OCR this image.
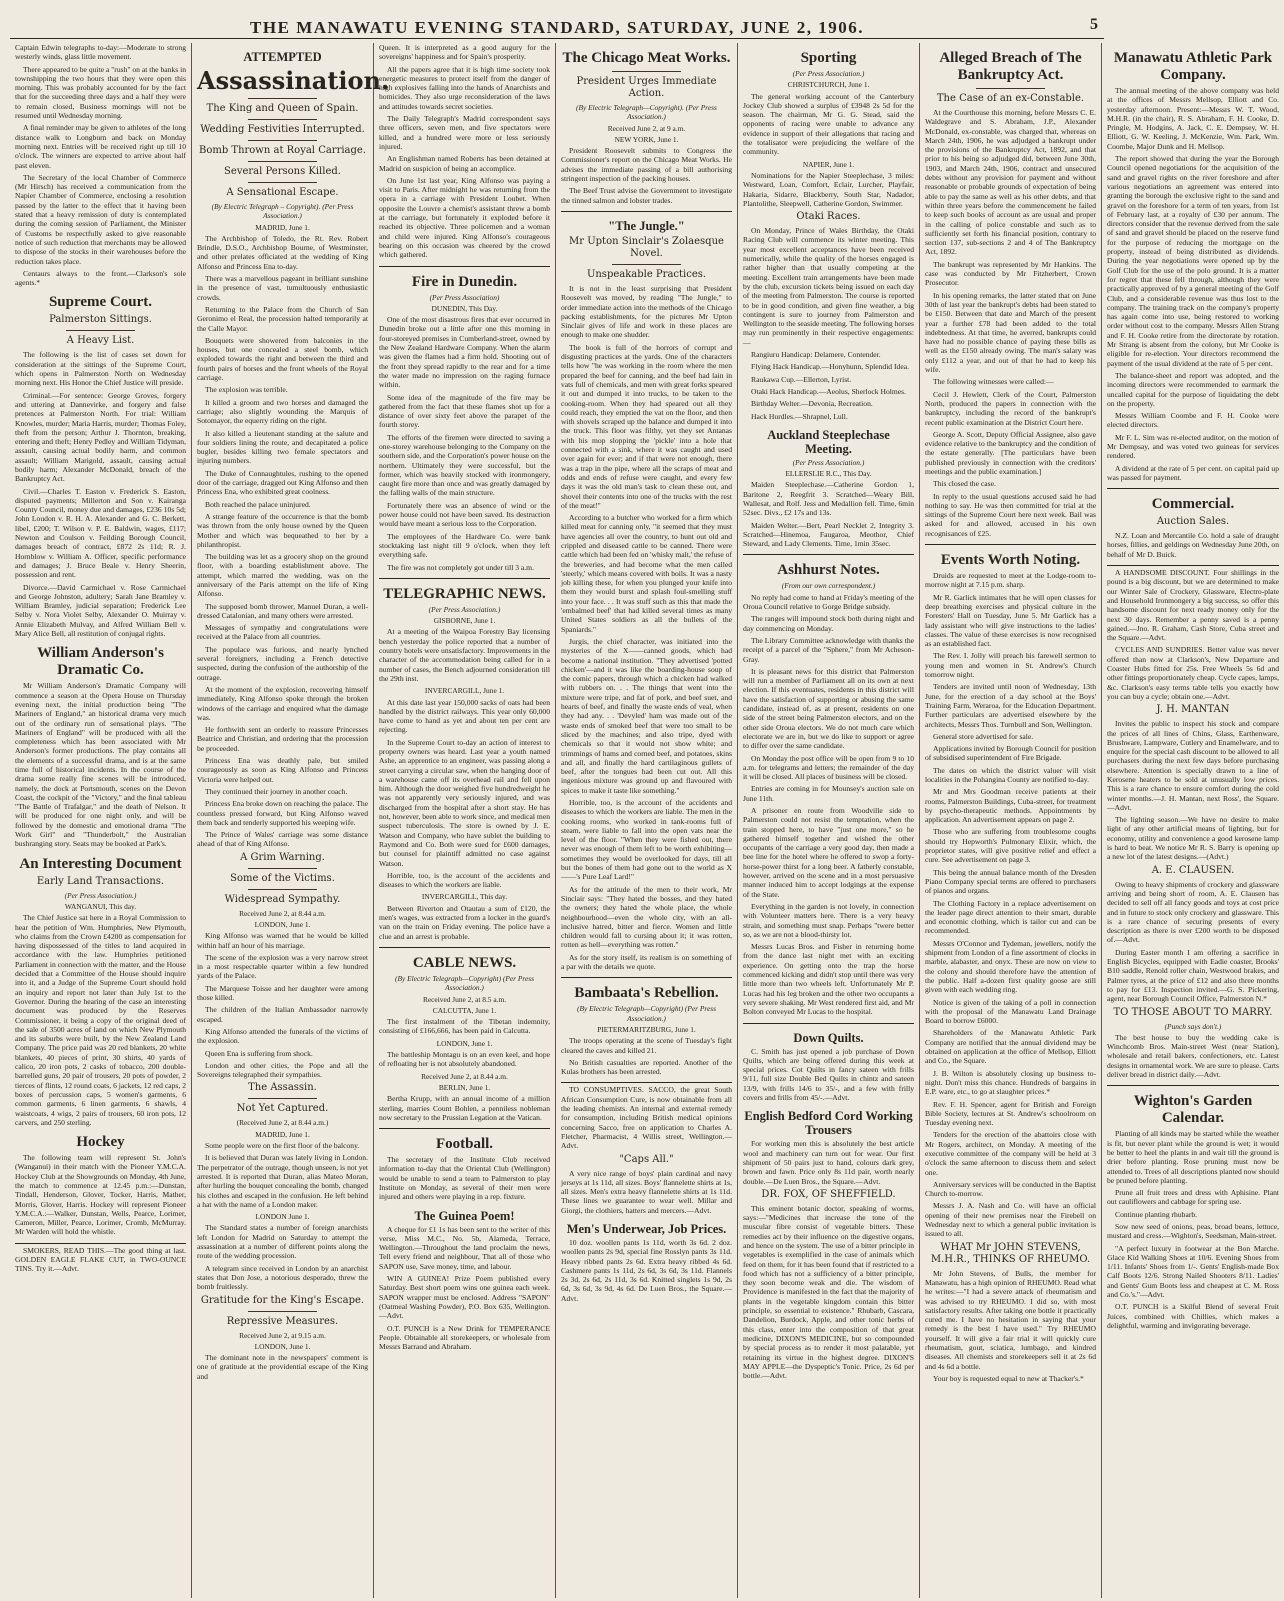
THE MANAWATU EVENING STANDARD, SATURDAY, JUNE 2, 1906.	5

Captain Edwin telegraphs to-day:—Moderate to strong westerly winds, glass little movement.

There appeared to be quite a "rush" on at the banks in townshipping the two hours that they were open this morning. This was probably accounted for by the fact that for the succeeding three days and a half they were to remain closed, Business mornings will not be resumed until Wednesday morning.

A final reminder may be given to athletes of the long distance walk to Longburn and back on Monday morning next. Entries will be received right up till 10 o'clock. The winners are expected to arrive about half past eleven.

The Secretary of the local Chamber of Commerce (Mr Hirsch) has received a communication from the Napier Chamber of Commerce, enclosing a resolution passed by the latter to the effect that it having been stated that a heavy remission of duty is contemplated during the coming session of Parliament, the Minister of Customs be respectfully asked to give reasonable notice of such reduction that merchants may be allowed to dispose of the stocks in their warehouses before the reduction takes place.

Centaurs always to the front.—Clarkson's sole agents.*

Supreme Court.
Palmerston Sittings.
A Heavy List.

The following is the list of cases set down for consideration at the sittings of the Supreme Court, which opens in Palmerston North on Wednesday morning next. His Honor the Chief Justice will preside.

Criminal.—For sentence: George Groves, forgery and uttering at Dannevirke, and forgery and false pretences at Palmerston North. For trial: William Knowles, murder; Maria Harris, murder; Thomas Foley, theft from the person; Arthur J. Thornton, breaking, entering and theft; Henry Pedley and William Tidyman, assault, causing actual bodily harm, and common assault; William Marigold, assault, causing actual bodily harm; Alexander McDonald, breach of the Bankruptcy Act.

Civil.—Charles T. Easton v. Frederick S. Easton, disputed payments; Millerton and Son v. Kairanga County Council, money due and damages, £236 10s 5d; John Loudon v. R. H. A. Alexander and G. C. Berkett, libel, £200; T. Wilson v. P. E. Baldwin, wages, £117; Newton and Coulson v. Feilding Borough Council, damages breach of contract, £872 2s 11d; R. J. Hornblow v. William A. Officer, specific performance and damages; J. Bruce Beale v. Henry Sheerin, possession and rent.

Divorce.—David Carmichael v. Rose Carmichael and George Johnston, adultery; Sarah Jane Bramley v. William Bramley, judicial separation; Frederick Lee Selby v. Nora Violet Selby, Alexander O. Muirray v. Annie Elizabeth Mulvay, and Alfred William Bell v. Mary Alice Bell, all restitution of conjugal rights.

William Anderson's Dramatic Co.

Mr William Anderson's Dramatic Company will commence a season at the Opera House on Thursday evening next, the initial production being "The Mariners of England," an historical drama very much out of the ordinary run of sensational plays. "The Mariners of England" will be produced with all the completeness which has been associated with Mr Anderson's former productions. The play contains all the elements of a successful drama, and is at the same time full of historical incidents. In the course of the drama some really fine scenes will be introduced, namely, the dock at Portsmouth, scenes on the Devon Coast, the cockpit of the "Victory," and the final tableau "The Battle of Trafalgar," and the death of Nelson. It will be produced for one night only, and will be followed by the domestic and emotional drama "The Work Girl" and "Thunderbolt," the Australian bushranging story. Seats may be booked at Park's.

An Interesting Document
Early Land Transactions.
(Per Press Association.)
WANGANUI, This day.

The Chief Justice sat here in a Royal Commission to hear the petition of Wm. Humphries, New Plymouth, who claims from the Crown £4200 as compensation for having dispossessed of the titles to land acquired in accordance with the law. Humphries petitioned Parliament in connection with the matter, and the House decided that a Committee of the House should inquire into it, and a Judge of the Supreme Court should hold an inquiry and report not later than July 1st to the Governor. During the hearing of the case an interesting document was produced by the Reserves Commissioner, it being a copy of the original deed of the sale of 3500 acres of land on which New Plymouth and its suburbs were built, by the New Zealand Land Company. The price paid was 20 red blankets, 20 white blankets, 40 pieces of print, 30 shirts, 40 yards of calico, 20 iron pots, 2 casks of tobacco, 200 double-barrelled guns, 20 pair of trousers, 20 pots of powder, 2 tierces of flints, 12 round coats, 6 jackets, 12 red caps, 2 boxes of percussion caps, 5 women's garments, 6 common garments, 6 linen garments, 6 shawls, 4 waistcoats, 4 wigs, 2 pairs of trousers, 60 iron pots, 12 carvers, and 250 sterling.

Hockey

The following team will represent St. John's (Wanganui) in their match with the Pioneer Y.M.C.A. Hockey Club at the Showgrounds on Monday, 4th June, the match to commence at 12.45 p.m.:—Dunstan, Tindall, Henderson, Glover, Tocker, Harris, Mather, Morris, Glover, Harris. Hockey will represent Pioneer Y.M.C.A.:—Walker, Dunstan, Wells, Pearce, Lorimer, Cameron, Miller, Pearce, Lorimer, Cromb, McMurray. Mr Warden will hold the whistle.

SMOKERS, READ THIS.—The good thing at last. GOLDEN EAGLE FLAKE CUT, in TWO-OUNCE TINS. Try it.—Advt.

ATTEMPTED
Assassination.
The King and Queen of Spain.
Wedding Festivities Interrupted.
Bomb Thrown at Royal Carriage.
Several Persons Killed.
A Sensational Escape.
(By Electric Telegraph – Copyright). (Per Press Association.)
MADRID, June 1.

The Archbishop of Toledo, the Rt. Rev. Robert Brindle, D.S.O., Archbishop Bourne, of Westminster, and other prelates officiated at the wedding of King Alfonso and Princess Ena to-day.

There was a marvellous pageant in brilliant sunshine in the presence of vast, tumultuously enthusiastic crowds.

Returning to the Palace from the Church of San Geronimo el Real, the procession halted temporarily at the Calle Mayor.

Bouquets were showered from balconies in the houses, but one concealed a steel bomb, which exploded towards the right and between the third and fourth pairs of horses and the front wheels of the Royal carriage.

The explosion was terrible.

It killed a groom and two horses and damaged the carriage; also slightly wounding the Marquis of Sotomayor, the equerry riding on the right.

It also killed a lieutenant standing at the salute and four soldiers lining the route, and decapitated a police bugler, besides killing two female spectators and injuring numbers.

The Duke of Connaughtules, rushing to the opened door of the carriage, dragged out King Alfonso and then Princess Ena, who exhibited great coolness.

Both reached the palace uninjured.

A strange feature of the occurrence is that the bomb was thrown from the only house owned by the Queen Mother and which was bequeathed to her by a philanthropist.

The building was let as a grocery shop on the ground floor, with a boarding establishment above. The attempt, which marred the wedding, was on the anniversary of the Paris attempt on the life of King Alfonso.

The supposed bomb thrower, Manuel Duran, a well-dressed Catalonian, and many others were arrested.

Messages of sympathy and congratulations were received at the Palace from all countries.

The populace was furious, and nearly lynched several foreigners, including a French detective suspected, during the confusion of the authorship of the outrage.

At the moment of the explosion, recovering himself immediately, King Alfonso spoke through the broken windows of the carriage and enquired what the damage was.

He forthwith sent an orderly to reassure Princesses Beatrice and Christian, and ordering that the procession be proceeded.

Princess Ena was deathly pale, but smiled courageously as soon as King Alfonso and Princess Victoria were helped out.

They continued their journey in another coach.

Princess Ena broke down on reaching the palace. The countless pressed forward, but King Alfonso waved them back and tenderly supported his weeping wife.

The Prince of Wales' carriage was some distance ahead of that of King Alfonso.

A Grim Warning.
Some of the Victims.
Widespread Sympathy.
Received June 2, at 8.44 a.m.
LONDON, June 1.

King Alfonso was warned that he would be killed within half an hour of his marriage.

The scene of the explosion was a very narrow street in a most respectable quarter within a few hundred yards of the Palace.

The Marquese Toisse and her daughter were among those killed.

The children of the Italian Ambassador narrowly escaped.

King Alfonso attended the funerals of the victims of the explosion.

Queen Ena is suffering from shock.

London and other cities, the Pope and all the Sovereigns telegraphed their sympathies.

The Assassin.
Not Yet Captured.
(Received June 2, at 8.44 a.m.)
MADRID, June 1.

Some people were on the first floor of the balcony.

It is believed that Duran was lately living in London. The perpetrator of the outrage, though unseen, is not yet arrested. It is reported that Duran, alias Mateo Moran, after hurling the bouquet concealing the bomb, changed his clothes and escaped in the confusion. He left behind a hat with the name of a London maker.

LONDON June 1.

The Standard states a number of foreign anarchists left London for Madrid on Saturday to attempt the assassination at a number of different points along the route of the wedding procession.

A telegram since received in London by an anarchist states that Don Jose, a notorious desperado, threw the bomb fruitlessly.

Gratitude for the King's Escape.
Repressive Measures.
Received June 2, at 9.15 a.m.
LONDON, June 1.

The dominant note in the newspapers' comment is one of gratitude at the providential escape of the King and

Queen. It is interpreted as a good augury for the sovereigns' happiness and for Spain's prosperity.

All the papers agree that it is high time society took energetic measures to protect itself from the danger of high explosives falling into the hands of Anarchists and homicides. They also urge reconsideration of the laws and attitudes towards secret societies.

The Daily Telegraph's Madrid correspondent says three officers, seven men, and five spectators were killed, and a hundred were more or less seriously injured.

An Englishman named Roberts has been detained at Madrid on suspicion of being an accomplice.

On June 1st last year, King Alfonso was paying a visit to Paris. After midnight he was returning from the opera in a carriage with President Loubet. When opposite the Louvre a chemist's assistant threw a bomb at the carriage, but fortunately it exploded before it reached its objective. Three policemen and a woman and child were injured. King Alfonso's courageous bearing on this occasion was cheered by the crowd which gathered.

Fire in Dunedin.
(Per Press Association)
DUNEDIN, This Day.

One of the most disastrous fires that ever occurred in Dunedin broke out a little after one this morning in four-storeyed premises in Cumberland-street, owned by the New Zealand Hardware Company. When the alarm was given the flames had a firm hold. Shooting out of the front they spread rapidly to the rear and for a time the water made no impression on the raging furnace within.

Some idea of the magnitude of the fire may be gathered from the fact that these flames shot up for a distance of over sixty feet above the parapet of the fourth storey.

The efforts of the firemen were directed to saving a one-storey warehouse belonging to the Company on the southern side, and the Corporation's power house on the northern. Ultimately they were successful, but the former, which was heavily stocked with ironmongery, caught fire more than once and was greatly damaged by the falling walls of the main structure.

Fortunately there was an absence of wind or the power house could not have been saved. Its destruction would have meant a serious loss to the Corporation.

The employees of the Hardware Co. were bank stocktaking last night till 9 o'clock, when they left everything safe.

The fire was not completely got under till 3 a.m.

TELEGRAPHIC NEWS.
(Per Press Association.)
GISBORNE, June 1.

At a meeting of the Waipoa Forestry Bay licensing bench yesterday the police reported that a number of country hotels were unsatisfactory. Improvements in the character of the accommodation being called for in a number of cases, the Bench adjourned consideration till the 29th inst.

INVERCARGILL, June 1.

At this date last year 150,000 sacks of oats had been handled by the district railways. This year only 60,000 have come to hand as yet and about ten per cent are rejecting.

In the Supreme Court to-day an action of interest to property owners was heard. Last year a youth named Ashe, an apprentice to an engineer, was passing along a street carrying a circular saw, when the hanging door of a warehouse came off its overhead rail and fell upon him. Although the door weighed five hundredweight he was not apparently very seriously injured, and was discharged from the hospital after a short stay. He has not, however, been able to work since, and medical men suspect tuberculosis. The store is owned by J. E. Watson and Company, who have sublet the building to Raymond and Co. Both were sued for £600 damages, but counsel for plaintiff admitted no case against Watson.

Horrible, too, is the account of the accidents and diseases to which the workers are liable.

INVERCARGILL, This day.

Between Riverton and Otautau a sum of £120, the men's wages, was extracted from a locker in the guard's van on the train on Friday evening. The police have a clue and an arrest is probable.

CABLE NEWS.
(By Electric Telegraph—Copyright) (Per Press Association.)
Received June 2, at 8.5 a.m.
CALCUTTA, June 1.

The first instalment of the Tibetan indemnity, consisting of £166,666, has been paid in Calcutta.

LONDON, June 1.

The battleship Montagu is on an even keel, and hope of refloating her is not absolutely abandoned.

Received June 2, at 8.44 a.m.
BERLIN, June 1.

Bertha Krupp, with an annual income of a million sterling, marries Count Bohlen, a penniless nobleman now secretary to the Prussian Legation at the Vatican.

Football.

The secretary of the Institute Club received information to-day that the Oriental Club (Wellington) would be unable to send a team to Palmerston to play Institute on Monday, as several of their men were injured and others were playing in a rep. fixture.

The Guinea Poem!

A cheque for £1 1s has been sent to the writer of this verse, Miss M.C., No. 5b, Alameda, Terrace, Wellington.—Throughout the land proclaim the news, Tell every friend and neighbour, That all of those who SAPON use, Save money, time, and labour.

WIN A GUINEA! Prize Poem published every Saturday. Best short poem wins one guinea each week. SAPON wrapper must be enclosed. Address "SAPON" (Oatmeal Washing Powder), P.O. Box 635, Wellington.—Advt.

O.T. PUNCH is a New Drink for TEMPERANCE People. Obtainable all storekeepers, or wholesale from Messrs Barraud and Abraham.

The Chicago Meat Works.
President Urges Immediate Action.
(By Electric Telegraph—Copyright). (Per Press Association.)
Received June 2, at 9 a.m.
NEW YORK, June 1.

President Roosevelt submits to Congress the Commissioner's report on the Chicago Meat Works. He advises the immediate passing of a bill authorising stringent inspection of the packing houses.

The Beef Trust advise the Government to investigate the tinned salmon and lobster trades.

"The Jungle."
Mr Upton Sinclair's Zolaesque Novel.
Unspeakable Practices.

It is not in the least surprising that President Roosevelt was moved, by reading "The Jungle," to order immediate action into the methods of the Chicago packing establishments, for the pictures Mr Upton Sinclair gives of life and work in these places are enough to make one shudder.

The book is full of the horrors of corrupt and disgusting practices at the yards. One of the characters tells how "he was working in the room where the men prepared the beef for canning, and the beef had lain in vats full of chemicals, and men with great forks speared it out and dumped it into trucks, to be taken to the cooking-room. When they had speared out all they could reach, they emptied the vat on the floor, and then with shovels scraped up the balance and dumped it into the truck. This floor was filthy, yet they set Antanas with his mop slopping the 'pickle' into a hole that connected with a sink, where it was caught and used over again for ever; and if that were not enough, there was a trap in the pipe, where all the scraps of meat and odds and ends of refuse were caught, and every few days it was the old man's task to clean these out, and shovel their contents into one of the trucks with the rest of the meat!"

According to a butcher who worked for a firm which killed meat for canning only, "it seemed that they must have agencies all over the country, to hunt out old and crippled and diseased cattle to be canned. There were cattle which had been fed on 'whisky malt,' the refuse of the breweries, and had become what the men called 'steerly,' which means covered with boils. It was a nasty job killing these, for when you plunged your knife into them they would burst and splash foul-smelling stuff into your face. . . It was stuff such as this that made the 'embalmed beef' that had killed several times as many United States soldiers as all the bullets of the Spaniards."

Jurgis, the chief character, was initiated into the mysteries of the X——canned goods, which had become a national institution. "They advertised 'potted chicken'—and it was like the boarding-house soup of the comic papers, through which a chicken had walked with rubbers on. . . The things that went into the mixture were tripe, and fat of pork, and beef suet, and hearts of beef, and finally the waste ends of veal, when they had any. . . 'Devyled' ham was made out of the waste ends of smoked beef that were too small to be sliced by the machines; and also tripe, dyed with chemicals so that it would not show white; and trimmings of hams and corned beef, and potatoes, skins and all, and finally the hard cartilaginous gullets of beef, after the tongues had been cut out. All this ingenious mixture was ground up and flavoured with spices to make it taste like something."

Horrible, too, is the account of the accidents and diseases to which the workers are liable. The men in the cooking rooms, who worked in tank-rooms full of steam, were liable to fall into the open vats near the level of the floor. "When they were fished out, there never was enough of them left to be worth exhibiting—sometimes they would be overlooked for days, till all but the bones of them had gone out to the world as X——'s Pure Leaf Lard!"

As for the attitude of the men to their work, Mr Sinclair says: "They hated the bosses, and they hated the owners; they hated the whole place, the whole neighbourhood—even the whole city, with an all-inclusive hatred, bitter and fierce. Women and little children would fall to cursing about it; it was rotten, rotten as hell—everything was rotten."

As for the story itself, its realism is on something of a par with the details we quote.

Bambaata's Rebellion.
(By Electric Telegraph—Copyright) (Per Press Association.)
PIETERMARITZBURG, June 1.

The troops operating at the scene of Tuesday's fight cleared the caves and killed 21.

No British casualties are reported. Another of the Kulas brothers has been arrested.

TO CONSUMPTIVES. SACCO, the great South African Consumption Cure, is now obtainable from all the leading chemists. An internal and external remedy for consumption, including British medical opinions concerning Sacco, free on application to Charles A. Fletcher, Pharmacist, 4 Willis street, Wellington.—Advt.

"Caps All."

A very nice range of boys' plain cardinal and navy jerseys at 1s 11d, all sizes. Boys' flannelette shirts at 1s, all sizes. Men's extra heavy flannelette shirts at 1s 11d. These lines we guarantee to wear well. Millar and Giorgi, the clothiers, hatters and mercers.—Advt.

Men's Underwear, Job Prices.

10 doz. woollen pants 1s 11d, worth 3s 6d. 2 doz. woollen pants 2s 9d, special fine Rosslyn pants 3s 11d. Heavy ribbed pants 2s 6d. Extra heavy ribbed 4s 6d. Cashmere pants 1s 11d, 2s 6d, 3s 6d, 3s 11d. Flannels 2s 3d, 2s 6d, 2s 11d, 3s 6d. Knitted singlets 1s 9d, 2s 6d, 3s 6d, 3s 9d, 4s 6d. De Luen Bros., the Square.—Advt.

Sporting
(Per Press Association.)
CHRISTCHURCH, June 1.

The general working account of the Canterbury Jockey Club showed a surplus of £3948 2s 5d for the season. The chairman, Mr G. G. Stead, said the opponents of racing were unable to advance any evidence in support of their allegations that racing and the totalisator were prejudicing the welfare of the community.

NAPIER, June 1.

Nominations for the Napier Steeplechase, 3 miles: Westward, Loan, Comfort, Eclair, Lurcher, Playfair, Hakaria, Sidarre, Blackberry, South Star, Nadador, Plantolithe, Sleepwell, Catherine Gordon, Swimmer.

Otaki Races.

On Monday, Prince of Wales Birthday, the Otaki Racing Club will commence its winter meeting. This year most excellent acceptances have been received numerically, while the quality of the horses engaged is rather higher than that usually competing at the meeting. Excellent train arrangements have been made by the club, excursion tickets being issued on each day of the meeting from Palmerston. The course is reported to be in good condition, and given fine weather, a big contingent is sure to journey from Palmerston and Wellington to the seaside meeting. The following horses may run prominently in their respective engagements:—

Rangiuru Handicap: Delamere, Contender.

Flying Hack Handicap.—Honyhunn, Splendid Idea.

Raukawa Cup.—Ellerton, Lyrist.

Otaki Hack Handicap.—Aeolus, Sherlock Holmes.

Birthday Welter.—Devonia, Recreation.

Hack Hurdles.—Shrapnel, Lull.

Auckland Steeplechase Meeting.
(Per Press Association.)
ELLERSLIE R.C., This Day.

Maiden Steeplechase.—Catherine Gordon 1, Baritone 2, Reegfrit 3. Scratched—Weary Bill, Wallesat, and Rolf. Jess and Medallion fell. Time, 6min 52sec. Divs., £2 17s and 13s.

Maiden Welter.—Bert, Pearl Necklet 2, Integrity 3. Scratched—Hinemoa, Faugaroa, Meothor, Chief Steward, and Lady Clements. Time, 1min 35sec.

Ashhurst Notes.
(From our own correspondent.)

No reply had come to hand at Friday's meeting of the Oroua Council relative to Gorge Bridge subsidy.

The ranges will impound stock both during night and day commencing on Monday.

The Library Committee acknowledge with thanks the receipt of a parcel of the "Sphere," from Mr Acheson-Gray.

It is pleasant news for this district that Palmerston will run a member of Parliament all on its own at next election. If this eventuates, residents in this district will have the satisfaction of supporting or abusing the same candidate, instead of, as at present, residents on one side of the street being Palmerston electors, and on the other side Oroua electors. We do not much care which electorate we are in, but we do like to support or agree to differ over the same candidate.

On Monday the post office will be open from 9 to 10 a.m. for telegrams and letters; the remainder of the day it will be closed. All places of business will be closed.

Entries are coming in for Mounsey's auction sale on June 11th.

A prisoner en route from Woodville side to Palmerston could not resist the temptation, when the train stopped here, to have "just one more," so he gathered himself together and wished the other occupants of the carriage a very good day, then made a bee line for the hotel where he offered to swop a forty-horse-power thirst for a long beer. A fatherly constable, however, arrived on the scene and in a most persuasive manner induced him to accept lodgings at the expense of the State.

Everything in the garden is not lovely, in connection with Volunteer matters here. There is a very heavy strain, and something must snap. Perhaps "twere better so, as we are not a blood-thirsty lot.

Messrs Lucas Bros. and Fisher in returning home from the dance last night met with an exciting experience. On getting onto the trap the horse commenced kicking and didn't stop until there was very little more than two wheels left. Unfortunately Mr P. Lucas had his leg broken and the other two occupants a very severe shaking. Mr West rendered first aid, and Mr Bolton conveyed Mr Lucas to the hospital.

Down Quilts.

C. Smith has just opened a job purchase of Down Quilts, which are being offered during this week at special prices. Cot Quilts in fancy sateen with frills 9/11, full size Double Bed Quilts in chintz and sateen 13/9, with frills 14/6 to 35/-, and a few with frilly covers and frills from 45/-.—Advt.

English Bedford Cord Working Trousers

For working men this is absolutely the best article wool and machinery can turn out for wear. Our first shipment of 50 pairs just to hand, colours dark grey, brown and fawn. Price only 8s 11d pair, worth nearly double.—De Luen Bros., the Square.—Advt.

DR. FOX, OF SHEFFIELD.

This eminent botanic doctor, speaking of worms, says:—"Medicines that increase the tone of the muscular fibre consist of vegetable bitters. These remedies act by their influence on the digestive organs, and hence on the system. The use of a bitter principle in vegetables is exemplified in the case of animals which feed on them, for it has been found that if restricted to a food which has not a sufficiency of a bitter principle, they soon become weak and die. The wisdom of Providence is manifested in the fact that the majority of plants in the vegetable kingdom contain this bitter principle, so essential to existence." Rhubarb, Cascara, Dandelion, Burdock, Apple, and other tonic herbs of this class, enter into the composition of that great medicine, DIXON'S MEDICINE, but so compounded by special process as to render it most palatable, yet retaining its virtue in the highest degree. DIXON'S MAY APPLE—the Dyspeptic's Tonic. Price, 2s 6d per bottle.—Advt.

Alleged Breach of The Bankruptcy Act.
The Case of an ex-Constable.

At the Courthouse this morning, before Messrs C. E. Waldegrave and S. Abraham, J.P., Alexander McDonald, ex-constable, was charged that, whereas on March 24th, 1906, he was adjudged a bankrupt under the provisions of the Bankruptcy Act, 1892, and that prior to his being so adjudged did, between June 30th, 1903, and March 24th, 1906, contract and unsecured debts without any provision for payment and without reasonable or probable grounds of expectation of being able to pay the same as well as his other debts, and that within three years before the commencement he failed to keep such books of account as are usual and proper in the calling of police constable and such as to sufficiently set forth his financial position, contrary to section 137, sub-sections 2 and 4 of The Bankruptcy Act, 1892.

The bankrupt was represented by Mr Hankins. The case was conducted by Mr Fitzherbert, Crown Prosecutor.

In his opening remarks, the latter stated that on June 30th of last year the bankrupt's debts had been stated to be £150. Between that date and March of the present year a further £78 had been added to the total indebtedness. At that time, he averred, bankrupts could have had no possible chance of paying these bills as well as the £150 already owing. The man's salary was only £112 a year, and out of that he had to keep his wife.

The following witnesses were called:—

Cecil J. Hewlett, Clerk of the Court, Palmerston North, produced the papers in connection with the bankruptcy, including the record of the bankrupt's recent public examination at the District Court here.

George A. Scott, Deputy Official Assignee, also gave evidence relative to the bankruptcy and the condition of the estate generally. [The particulars have been published previously in connection with the creditors' meetings and the public examination.]

This closed the case.

In reply to the usual questions accused said he had nothing to say. He was then committed for trial at the sittings of the Supreme Court here next week. Bail was asked for and allowed, accused in his own recognisances of £25.

Events Worth Noting.

Druids are requested to meet at the Lodge-room to-morrow night at 7.15 p.m. sharp.

Mr R. Garlick intimates that he will open classes for deep breathing exercises and physical culture in the Foresters' Hall on Tuesday, June 5. Mr Garlick has a lady assistant who will give instructions to the ladies' classes. The value of these exercises is now recognised as an established fact.

The Rev. I. Jolly will preach his farewell sermon to young men and women in St. Andrew's Church tomorrow night.

Tenders are invited until noon of Wednesday, 13th June, for the erection of a day school at the Boys' Training Farm, Weraroa, for the Education Department. Further particulars are advertised elsewhere by the architects, Messrs Thos. Turnbull and Son, Wellington.

General store advertised for sale.

Applications invited by Borough Council for position of subsidised superintendent of Fire Brigade.

The dates on which the district valuer will visit localities in the Pohangina County are notified to-day.

Mr and Mrs Goodman receive patients at their rooms, Palmerston Buildings, Cuba-street, for treatment by psycho-therapeutic methods. Appointments by application. An advertisement appears on page 2.

Those who are suffering from troublesome coughs should try Hepworth's Pulmonary Elixir, which, the proprietor states, will give positive relief and effect a cure. See advertisement on page 3.

This being the annual balance month of the Dresden Piano Company special terms are offered to purchasers of pianos and organs.

The Clothing Factory in a replace advertisement on the leader page direct attention to their smart, durable and economic clothing, which is tailor cut and can be recommended.

Messrs O'Connor and Tydeman, jewellers, notify the shipment from London of a fine assortment of clocks in marble, alabaster, and onyx. These are now on view to the colony and should therefore have the attention of the public. Half a-dozen first quality goose are still given with each wedding ring.

Notice is given of the taking of a poll in connection with the proposal of the Manawatu Land Drainage Board to borrow £6000.

Shareholders of the Manawatu Athletic Park Company are notified that the annual dividend may be obtained on application at the office of Mellsop, Elliott and Co., the Square.

J. B. Wilton is absolutely closing up business to-night. Don't miss this chance. Hundreds of bargains in E.P. ware, etc., to go at slaughter prices.*

Rev. F. H. Spencer, agent for British and Foreign Bible Society, lectures at St. Andrew's schoolroom on Tuesday evening next.

Tenders for the erection of the abattoirs close with Mr Rogers, architect, on Monday. A meeting of the executive committee of the company will be held at 3 o'clock the same afternoon to discuss them and select one.

Anniversary services will be conducted in the Baptist Church to-morrow.

Messrs J. A. Nash and Co. will have an official opening of their new premises near the Firebell on Wednesday next to which a general public invitation is issued to all.

WHAT Mr JOHN STEVENS, M.H.R., THINKS OF RHEUMO.

Mr John Stevens, of Bulls, the member for Manawatu, has a high opinion of RHEUMO. Read what he writes:—"I had a severe attack of rheumatism and was advised to try RHEUMO. I did so, with most satisfactory results. After taking one bottle it practically cured me. I have no hesitation in saying that your remedy is the best I have used." Try RHEUMO yourself. It will give a fair trial it will quickly cure rheumatism, gout, sciatica, lumbago, and kindred diseases. All chemists and storekeepers sell it at 2s 6d and 4s 6d a bottle.

Your boy is requested equal to new at Thacker's.*

Manawatu Athletic Park Company.

The annual meeting of the above company was held at the offices of Messrs Mellsop, Elliott and Co. yesterday afternoon. Present:—Messrs W. T. Wood, M.H.R. (in the chair), R. S. Abraham, F. H. Cooke, D. Pringle, M. Hodgins, A. Jack, C. E. Dempsey, W. H. Elliott, G. W. Keeling, J. McKenzie, Wm. Park, Wm. Coombe, Major Dunk and H. Mellsop.

The report showed that during the year the Borough Council opened negotiations for the acquisition of the sand and gravel rights on the river foreshore and after various negotiations an agreement was entered into granting the borough the exclusive right to the sand and gravel on the foreshore for a term of ten years, from 1st of February last, at a royalty of £30 per annum. The directors consider that the revenue derived from the sale of sand and gravel should be placed on the reserve fund for the purpose of reducing the mortgage on the property, instead of being distributed as dividends. During the year negotiations were opened up by the Golf Club for the use of the polo ground. It is a matter for regret that these fell through, although they were practically approved of by a general meeting of the Golf Club, and a considerable revenue was thus lost to the company. The training track on the company's property has again come into use, being restored to working order without cost to the company. Messrs Allen Strang and F. H. Cooke retire from the directorate by rotation. Mr Strang is absent from the colony, but Mr Cooke is eligible for re-election. Your directors recommend the payment of the usual dividend at the rate of 5 per cent.

The balance-sheet and report was adopted, and the incoming directors were recommended to earmark the uncalled capital for the purpose of liquidating the debt on the property.

Messrs William Coombe and F. H. Cooke were elected directors.

Mr F. L. Sim was re-elected auditor, on the motion of Mr Dempsay, and was voted two guineas for services rendered.

A dividend at the rate of 5 per cent. on capital paid up was passed for payment.

Commercial.
Auction Sales.

N.Z. Loan and Mercantile Co. hold a sale of draught horses, fillies, and geldings on Wednesday June 20th, on behalf of Mr D. Buick.

A HANDSOME DISCOUNT. Four shillings in the pound is a big discount, but we are determined to make our Winter Sale of Crockery, Glassware, Electro-plate and Household Ironmongery a big success, so offer this handsome discount for next ready money only for the next 30 days. Remember a penny saved is a penny gained.—Jno. R. Graham, Cash Store, Cuba street and the Square.—Advt.

CYCLES AND SUNDRIES. Better value was never offered than now at Clarkson's, New Departure and Coaster Hubs fitted for 25s. Free Wheels 5s 6d and other fittings proportionately cheap. Cycle capes, lamps, &c. Clarkson's easy terms table tells you exactly how you can buy a cycle; obtain one.—Advt.

J. H. MANTAN

Invites the public to inspect his stock and compare the prices of all lines of Chins, Glass, Earthenware, Brushware, Lampware, Cutlery and Enamelware, and to enquire for the special cash discount to be allowed to all purchasers during the next few days before purchasing elsewhere. Attention is specially drawn to a line of Kerosene heaters to be sold at unusually low prices. This is a rare chance to ensure comfort during the cold winter months.—J. H. Mantan, next Ross', the Square.—Advt.

The lighting season.—We have no desire to make light of any other artificial means of lighting, but for economy, utility and convenience a good kerosene lamp is hard to beat. We notice Mr R. S. Barry is opening up a new lot of the latest designs.—(Advt.)

A. E. CLAUSEN.

Owing to heavy shipments of crockery and glassware arriving and being short of room, A. E. Clausen has decided to sell off all fancy goods and toys at cost price and in future to stock only crockery and glassware. This is a rare chance of securing presents of every description as there is over £200 worth to be disposed of.—Advt.

During Easter month I am offering a sacrifice in English Bicycles, equipped with Eadie coaster, Brooks' B10 saddle, Renold roller chain, Westwood brakes, and Palmer tyres, at the price of £12 and also three months to pay for £13. Inspection invited.—G. S. Pickering, agent, near Borough Council Office, Palmerston N.*

TO THOSE ABOUT TO MARRY.
(Punch says don't.)

The best house to buy the wedding cake is Winchcomb Bros. Main-street West (near Station), wholesale and retail bakers, confectioners, etc. Latest designs in ornamental work. We are sure to please. Carts deliver bread in district daily.—Advt.

Wighton's Garden Calendar.

Planting of all kinds may be started while the weather is fit, but never plant while the ground is wet; it would be better to heel the plants in and wait till the ground is drier before planting. Rose pruning must now be attended to. Trees of all descriptions planted now should be pruned before planting.

Prune all fruit trees and dress with Aphisine. Plant out cauliflowers and cabbage for spring use.

Continue planting rhubarb.

Sow new seed of onions, peas, broad beans, lettuce, mustard and cress.—Wighton's, Seedsman, Main-street.

"A perfect luxury in footwear at the Bon Marche. Glace Kid Walking Shoes at 10/6. Evening Shoes from 1/11. Infants' Shoes from 1/-. Gents' English-made Box Calf Boots 12/6. Strong Nailed Shooters 8/11. Ladies' and Gents' Gum Boots less and cheapest at C. M. Ross and Co.'s."—Advt.

O.T. PUNCH is a Skilful Blend of several Fruit Juices, combined with Chillies, which makes a delightful, warming and invigorating beverage.
